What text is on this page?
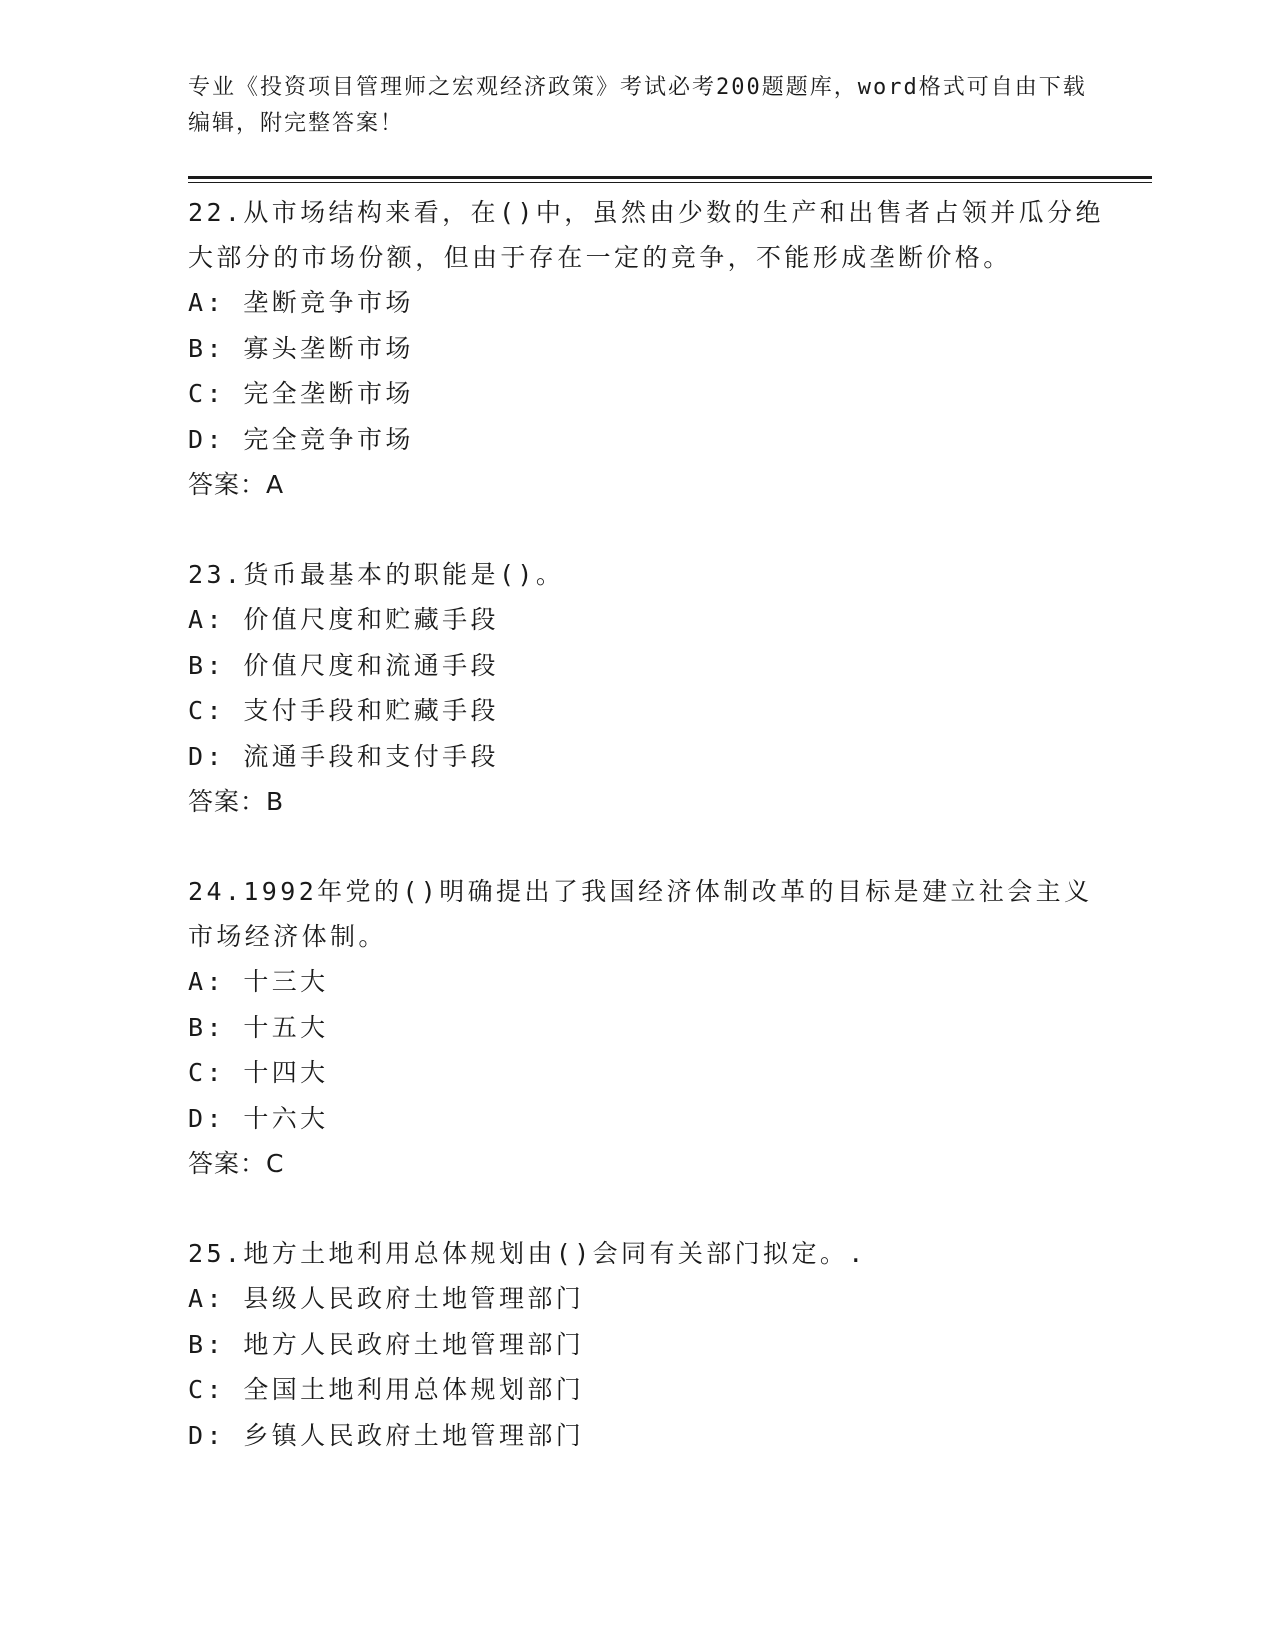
专业《投资项目管理师之宏观经济政策》考试必考200题题库，word格式可自由下载编辑，附完整答案！
22.从市场结构来看，在()中，虽然由少数的生产和出售者占领并瓜分绝大部分的市场份额，但由于存在一定的竞争，不能形成垄断价格。
A: 垄断竞争市场
B: 寡头垄断市场
C: 完全垄断市场
D: 完全竞争市场
答案：A
23.货币最基本的职能是()。
A: 价值尺度和贮藏手段
B: 价值尺度和流通手段
C: 支付手段和贮藏手段
D: 流通手段和支付手段
答案：B
24.1992年党的()明确提出了我国经济体制改革的目标是建立社会主义市场经济体制。
A: 十三大
B: 十五大
C: 十四大
D: 十六大
答案：C
25.地方土地利用总体规划由()会同有关部门拟定。.
A: 县级人民政府土地管理部门
B: 地方人民政府土地管理部门
C: 全国土地利用总体规划部门
D: 乡镇人民政府土地管理部门
